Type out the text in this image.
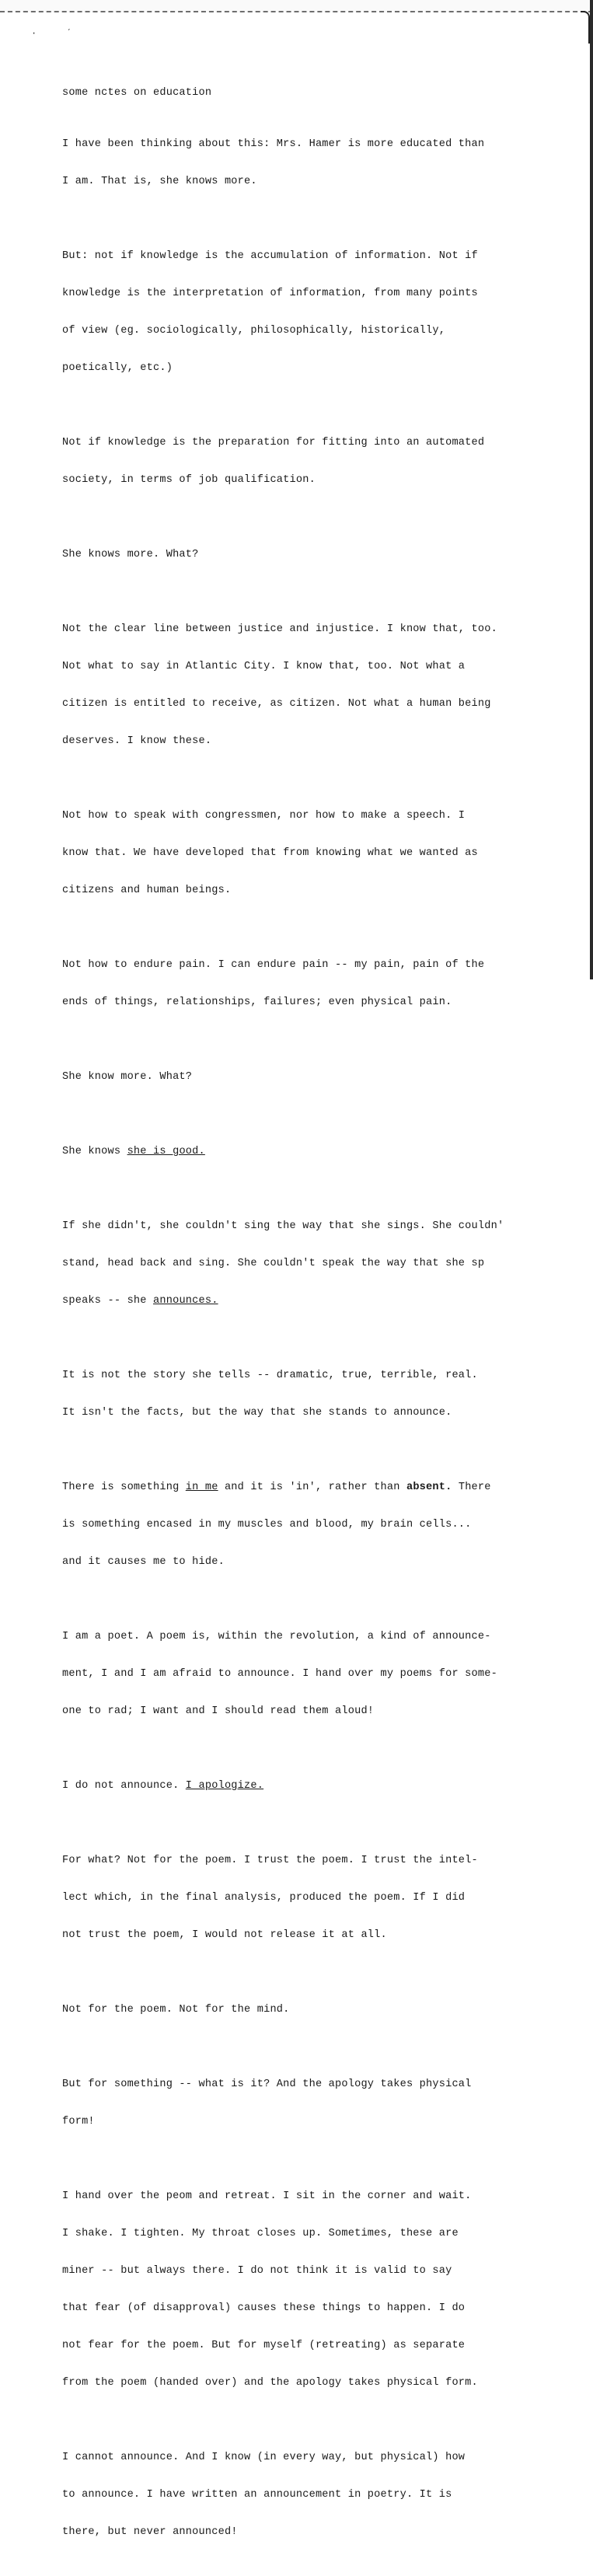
·	ˊ
some nctes on education

I have been thinking about this: Mrs. Hamer is more educated than

I am. That is, she knows more.

But: not if knowledge is the accumulation of information. Not if

knowledge is the interpretation of information, from many points

of view (eg. sociologically, philosophically, historically,

poetically, etc.)

Not if knowledge is the preparation for fitting into an automated

society, in terms of job qualification.

She knows more. What?

Not the clear line between justice and injustice. I know that, too.

Not what to say in Atlantic City. I know that, too. Not what a

citizen is entitled to receive, as citizen. Not what a human being

deserves. I know these.

Not how to speak with congressmen, nor how to make a speech. I

know that. We have developed that from knowing what we wanted as

citizens and human beings.

Not how to endure pain. I can endure pain -- my pain, pain of the

ends of things, relationships, failures; even physical pain.

She know more. What?

She knows she is good.

If she didn't, she couldn't sing the way that she sings. She couldn'

stand, head back and sing. She couldn't speak the way that she sp

speaks -- she announces.

It is not the story she tells -- dramatic, true, terrible, real.

It isn't the facts, but the way that she stands to announce.

There is something in me and it is 'in', rather than absent. There

is something encased in my muscles and blood, my brain cells...

and it causes me to hide.

I am a poet. A poem is, within the revolution, a kind of announce-

ment, I and I am afraid to announce. I hand over my poems for some-

one to rad; I want and I should read them aloud!

I do not announce. I apologize.

For what? Not for the poem. I trust the poem. I trust the intel-

lect which, in the final analysis, produced the poem. If I did

not trust the poem, I would not release it at all.

Not for the poem. Not for the mind.

But for something -- what is it? And the apology takes physical

form!

I hand over the peom and retreat. I sit in the corner and wait.

I shake. I tighten. My throat closes up. Sometimes, these are

miner -- but always there. I do not think it is valid to say

that fear (of disapproval) causes these things to happen. I do

not fear for the poem. But for myself (retreating) as separate

from the poem (handed over) and the apology takes physical form.

I cannot announce. And I know (in every way, but physical) how

to announce. I have written an announcement in poetry. It is

there, but never announced!
